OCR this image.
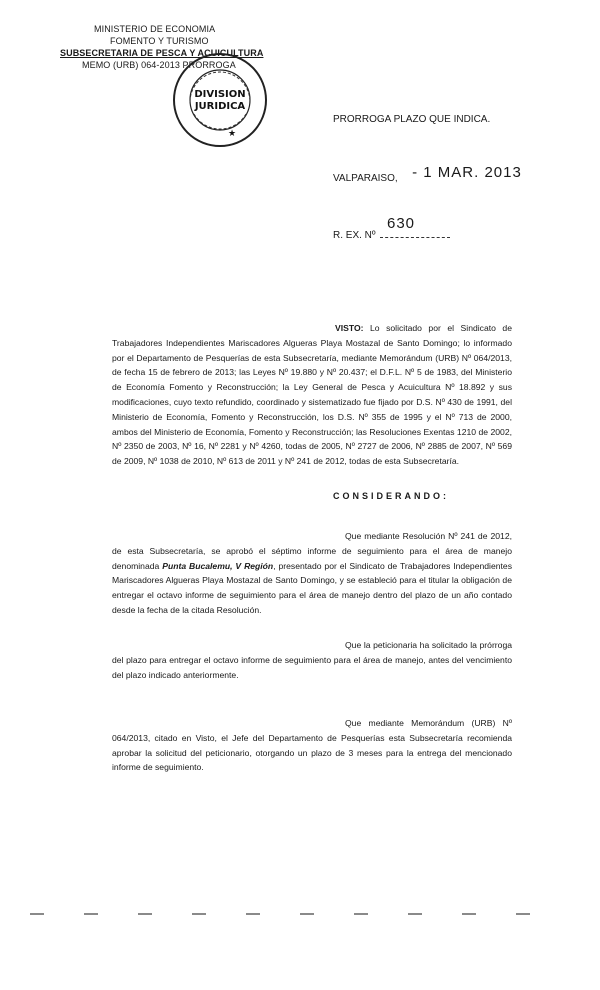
MINISTERIO DE ECONOMIA
FOMENTO Y TURISMO
SUBSECRETARIA DE PESCA Y ACUICULTURA
MEMO (URB) 064-2013 PRORROGA
DIVISION
JURIDICA
★
PRORROGA PLAZO QUE INDICA.
VALPARAISO, - 1 MAR. 2013
630
R. EX. Nº

VISTO: Lo solicitado por el Sindicato de Trabajadores Independientes Mariscadores Algueras Playa Mostazal de Santo Domingo; lo informado por el Departamento de Pesquerías de esta Subsecretaría, mediante Memorándum (URB) Nº 064/2013, de fecha 15 de febrero de 2013; las Leyes Nº 19.880 y Nº 20.437; el D.F.L. Nº 5 de 1983, del Ministerio de Economía Fomento y Reconstrucción; la Ley General de Pesca y Acuicultura Nº 18.892 y sus modificaciones, cuyo texto refundido, coordinado y sistematizado fue fijado por D.S. Nº 430 de 1991, del Ministerio de Economía, Fomento y Reconstrucción, los D.S. Nº 355 de 1995 y el Nº 713 de 2000, ambos del Ministerio de Economía, Fomento y Reconstrucción; las Resoluciones Exentas 1210 de 2002, Nº 2350 de 2003, Nº 16, Nº 2281 y Nº 4260, todas de 2005, Nº 2727 de 2006, Nº 2885 de 2007, Nº 569 de 2009, Nº 1038 de 2010, Nº 613 de 2011 y Nº 241 de 2012, todas de esta Subsecretaría.

CONSIDERANDO:

Que mediante Resolución Nº 241 de 2012, de esta Subsecretaría, se aprobó el séptimo informe de seguimiento para el área de manejo denominada Punta Bucalemu, V Región, presentado por el Sindicato de Trabajadores Independientes Mariscadores Algueras Playa Mostazal de Santo Domingo, y se estableció para el titular la obligación de entregar el octavo informe de seguimiento para el área de manejo dentro del plazo de un año contado desde la fecha de la citada Resolución.

Que la peticionaria ha solicitado la prórroga del plazo para entregar el octavo informe de seguimiento para el área de manejo, antes del vencimiento del plazo indicado anteriormente.

Que mediante Memorándum (URB) Nº 064/2013, citado en Visto, el Jefe del Departamento de Pesquerías esta Subsecretaría recomienda aprobar la solicitud del peticionario, otorgando un plazo de 3 meses para la entrega del mencionado informe de seguimiento.
